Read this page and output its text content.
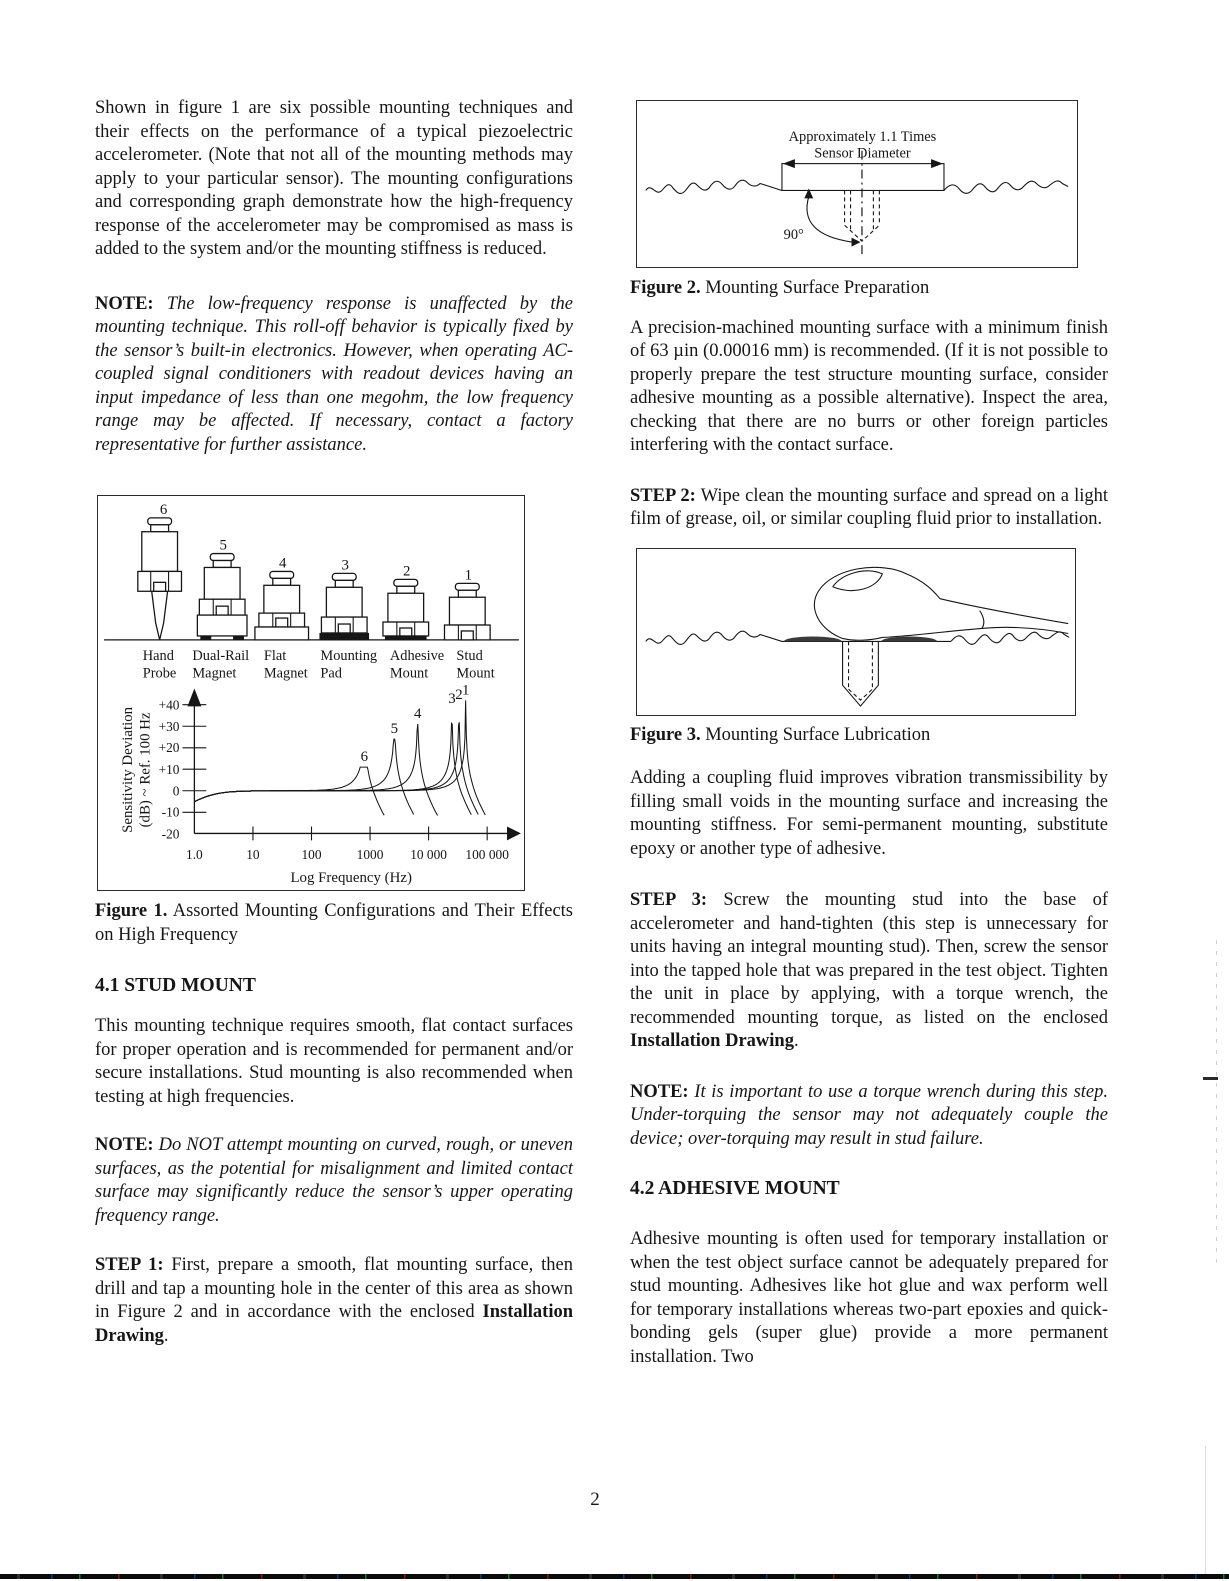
Shown in figure 1 are six possible mounting techniques and their effects on the performance of a typical piezoelectric accelerometer. (Note that not all of the mounting methods may apply to your particular sensor). The mounting configurations and corresponding graph demonstrate how the high-frequency response of the accelerometer may be compromised as mass is added to the system and/or the mounting stiffness is reduced.

NOTE: The low-frequency response is unaffected by the mounting technique. This roll-off behavior is typically fixed by the sensor’s built-in electronics. However, when operating AC-coupled signal conditioners with readout devices having an input impedance of less than one megohm, the low frequency range may be affected. If necessary, contact a factory representative for further assistance.

6
5
4	3	2	1
Hand
Probe
Dual-Rail
Magnet
Flat
Magnet
Mounting
Pad
Adhesive
Mount
Stud
Mount
+40
+30
+20
+10
0
-10
-20
1.0	10	100	1000 10 000 100 000
Log Frequency (Hz)
Sensitivity Deviation (dB) ~ Ref. 100 Hz
1
2
3
4
5
6

Figure 1. Assorted Mounting Configurations and Their Effects on High Frequency

4.1 STUD MOUNT

This mounting technique requires smooth, flat contact surfaces for proper operation and is recommended for permanent and/or secure installations. Stud mounting is also recommended when testing at high frequencies.

NOTE: Do NOT attempt mounting on curved, rough, or uneven surfaces, as the potential for misalignment and limited contact surface may significantly reduce the sensor’s upper operating frequency range.

STEP 1: First, prepare a smooth, flat mounting surface, then drill and tap a mounting hole in the center of this area as shown in Figure 2 and in accordance with the enclosed Installation Drawing.

Approximately 1.1 Times
Sensor Diameter
90°

Figure 2. Mounting Surface Preparation

A precision-machined mounting surface with a minimum finish of 63 µin (0.00016 mm) is recommended. (If it is not possible to properly prepare the test structure mounting surface, consider adhesive mounting as a possible alternative). Inspect the area, checking that there are no burrs or other foreign particles interfering with the contact surface.

STEP 2: Wipe clean the mounting surface and spread on a light film of grease, oil, or similar coupling fluid prior to installation.

Figure 3. Mounting Surface Lubrication

Adding a coupling fluid improves vibration transmissibility by filling small voids in the mounting surface and increasing the mounting stiffness. For semi-permanent mounting, substitute epoxy or another type of adhesive.

STEP 3: Screw the mounting stud into the base of accelerometer and hand-tighten (this step is unnecessary for units having an integral mounting stud). Then, screw the sensor into the tapped hole that was prepared in the test object. Tighten the unit in place by applying, with a torque wrench, the recommended mounting torque, as listed on the enclosed Installation Drawing.

NOTE: It is important to use a torque wrench during this step. Under-torquing the sensor may not adequately couple the device; over-torquing may result in stud failure.

4.2 ADHESIVE MOUNT

Adhesive mounting is often used for temporary installation or when the test object surface cannot be adequately prepared for stud mounting. Adhesives like hot glue and wax perform well for temporary installations whereas two-part epoxies and quick-bonding gels (super glue) provide a more permanent installation. Two

2
